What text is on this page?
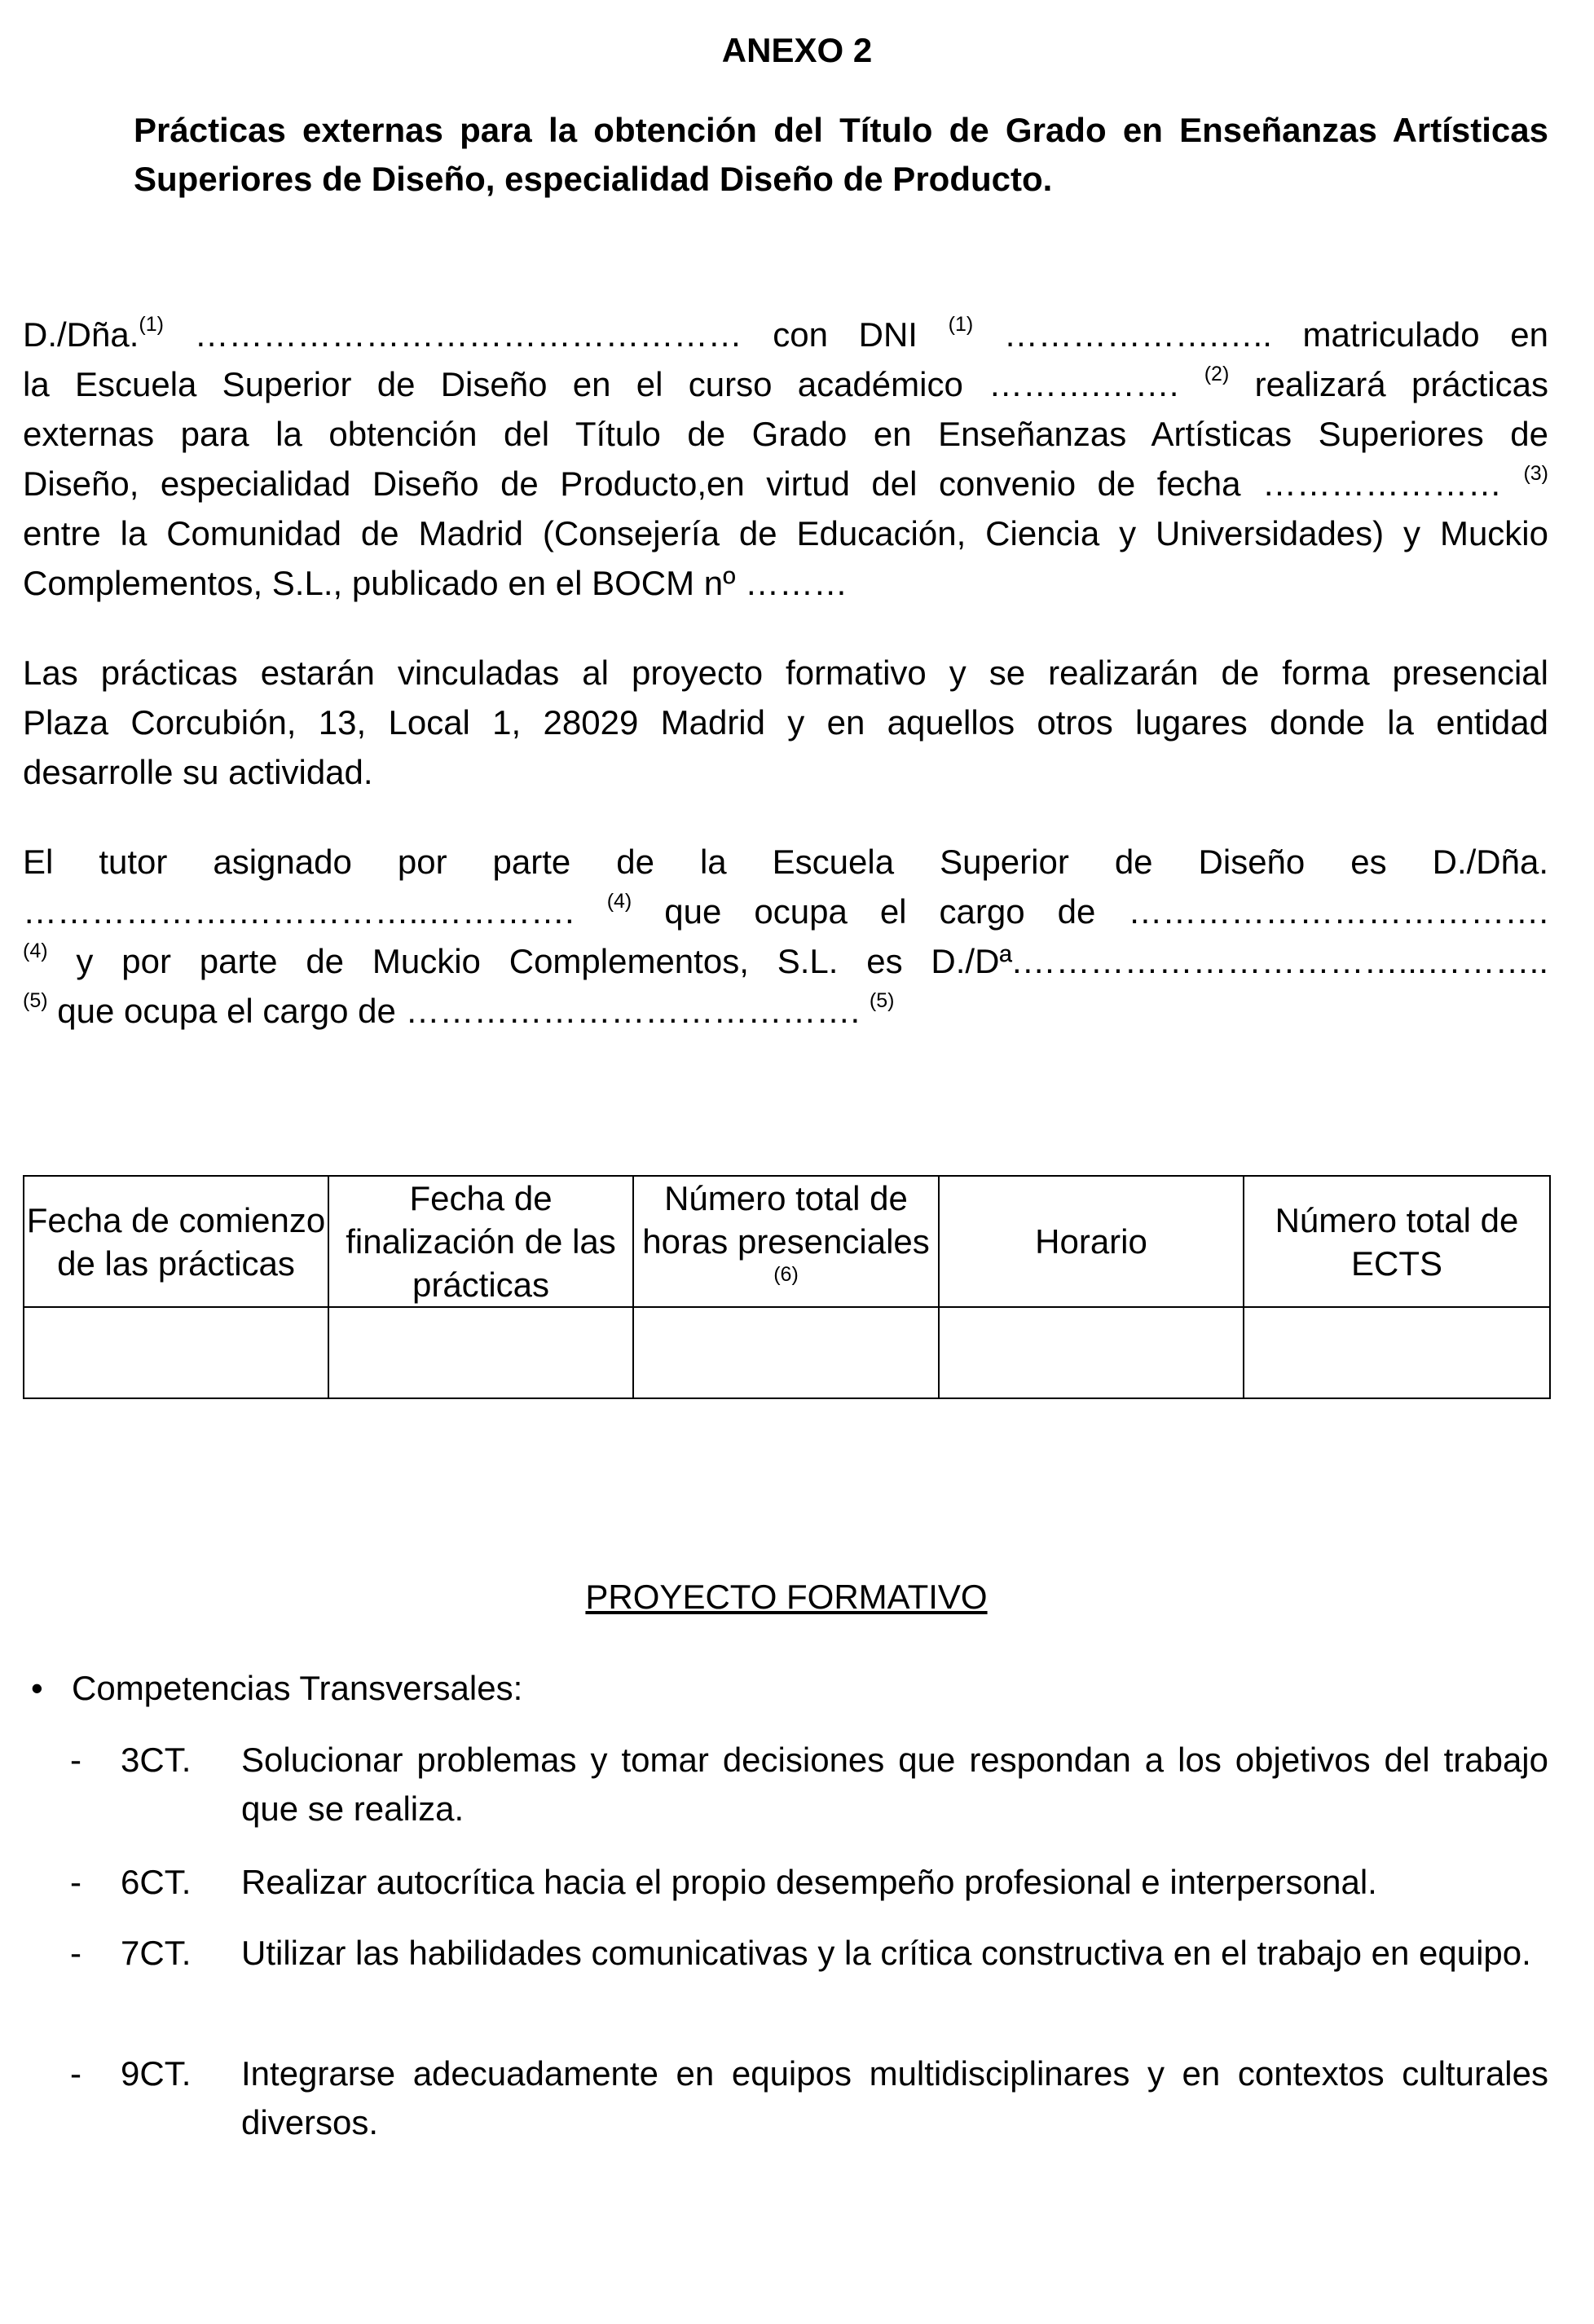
ANEXO 2
Prácticas externas para la obtención del Título de Grado en Enseñanzas Artísticas Superiores de Diseño, especialidad Diseño de Producto.
D./Dña.$^{(1)}$ ………………………………………… con DNI $^{(1)}$ ……………….….. matriculado en
la Escuela Superior de Diseño en el curso académico ……….……. $^{(2)}$ realizará prácticas
externas para la obtención del Título de Grado en Enseñanzas Artísticas Superiores de
Diseño, especialidad Diseño de Producto,en virtud del convenio de fecha ………………… $^{(3)}$
entre la Comunidad de Madrid (Consejería de Educación, Ciencia y Universidades) y Muckio
Complementos, S.L., publicado en el BOCM nº ………
Las prácticas estarán vinculadas al proyecto formativo y se realizarán de forma presencial
Plaza Corcubión, 13, Local 1, 28029 Madrid y en aquellos otros lugares donde la entidad
desarrolle su actividad.
El tutor asignado por parte de la Escuela Superior de Diseño es D./Dña.
……………….……………..…………. $^{(4)}$ que ocupa el cargo de ……………………………….
$^{(4)}$ y por parte de Muckio Complementos, S.L. es D./Dª.……………………………...………..
$^{(5)}$ que ocupa el cargo de …………………………………. $^{(5)}$
Fecha de comienzo de las prácticas	Fecha de finalización de las prácticas	Número total de horas presenciales $^{(6)}$	Horario	Número total de ECTS

PROYECTO FORMATIVO
• Competencias Transversales:
- 3CT. Solucionar problemas y tomar decisiones que respondan a los objetivos del trabajo que se realiza.
- 6CT. Realizar autocrítica hacia el propio desempeño profesional e interpersonal.
- 7CT. Utilizar las habilidades comunicativas y la crítica constructiva en el trabajo en equipo.
- 9CT. Integrarse adecuadamente en equipos multidisciplinares y en contextos culturales diversos.
